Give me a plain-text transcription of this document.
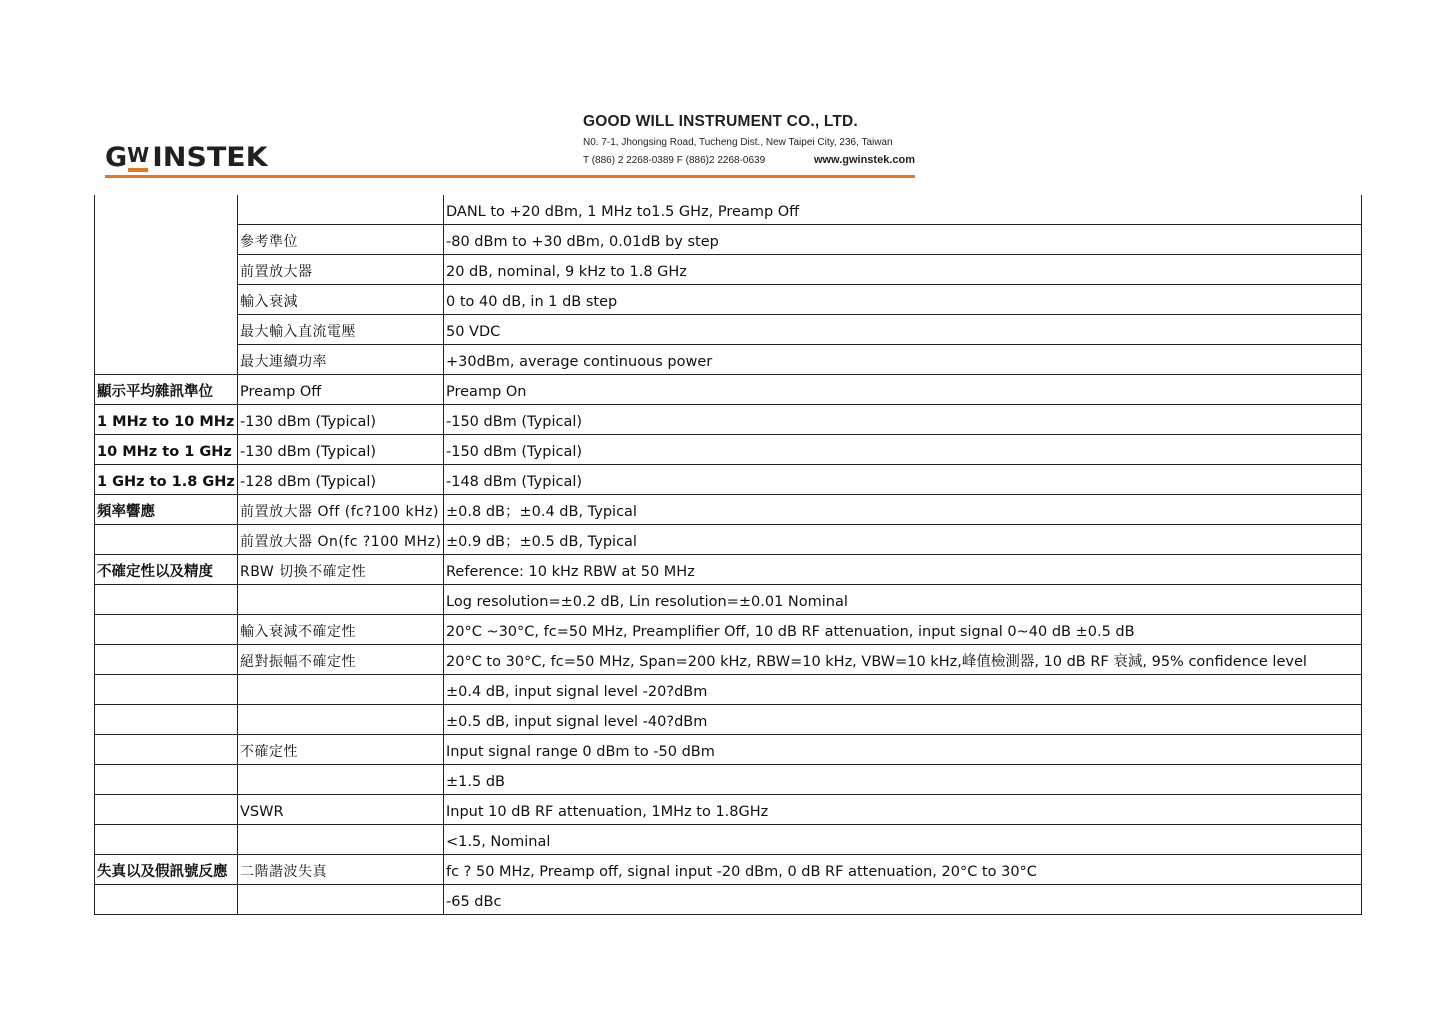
G W INSTEK
GOOD WILL INSTRUMENT CO., LTD.
N0. 7-1, Jhongsing Road, Tucheng Dist., New Taipei City, 236, Taiwan
T (886) 2 2268-0389 F (886)2 2268-0639	www.gwinstek.com
		DANL to +20 dBm, 1 MHz to1.5 GHz, Preamp Off
	參考準位	-80 dBm to +30 dBm, 0.01dB by step
	前置放大器	20 dB, nominal, 9 kHz to 1.8 GHz
	輸入衰減	0 to 40 dB, in 1 dB step
	最大輸入直流電壓	50 VDC
	最大連續功率	+30dBm, average continuous power
顯示平均雜訊準位	Preamp Off	Preamp On
1 MHz to 10 MHz	-130 dBm (Typical)	-150 dBm (Typical)
10 MHz to 1 GHz	-130 dBm (Typical)	-150 dBm (Typical)
1 GHz to 1.8 GHz	-128 dBm (Typical)	-148 dBm (Typical)
頻率響應	前置放大器 Off (fc?100 kHz)	±0.8 dB；±0.4 dB, Typical
	前置放大器 On(fc ?100 MHz)	±0.9 dB；±0.5 dB, Typical
不確定性以及精度	RBW 切換不確定性	Reference: 10 kHz RBW at 50 MHz
		Log resolution=±0.2 dB, Lin resolution=±0.01 Nominal
	輸入衰減不確定性	20°C ~30°C, fc=50 MHz, Preamplifier Off, 10 dB RF attenuation, input signal 0~40 dB ±0.5 dB
	絕對振幅不確定性	20°C to 30°C, fc=50 MHz, Span=200 kHz, RBW=10 kHz, VBW=10 kHz,峰值檢測器, 10 dB RF 衰減, 95% confidence level
		±0.4 dB, input signal level -20?dBm
		±0.5 dB, input signal level -40?dBm
	不確定性	Input signal range 0 dBm to -50 dBm
		±1.5 dB
	VSWR	Input 10 dB RF attenuation, 1MHz to 1.8GHz
		<1.5, Nominal
失真以及假訊號反應	二階諧波失真	fc ? 50 MHz, Preamp off, signal input -20 dBm, 0 dB RF attenuation, 20°C to 30°C
		-65 dBc
